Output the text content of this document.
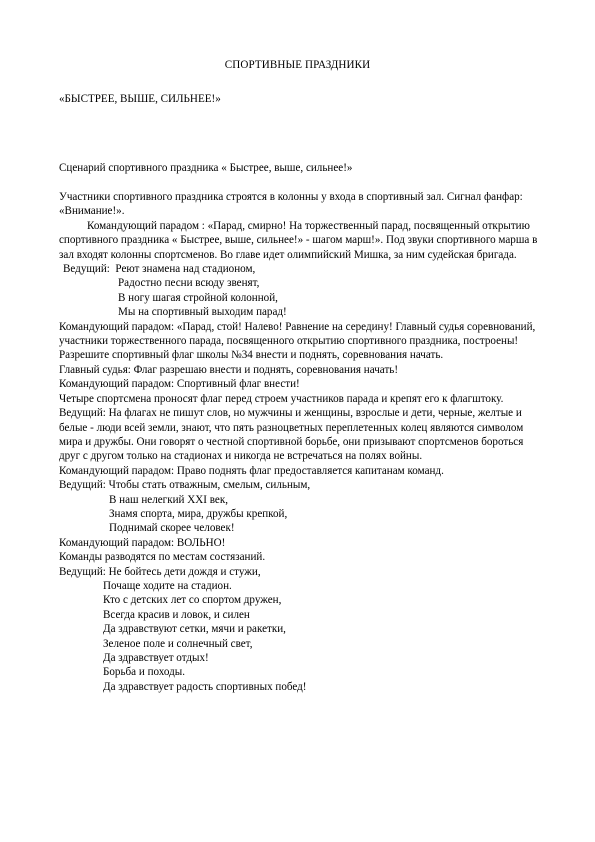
СПОРТИВНЫЕ ПРАЗДНИКИ
«БЫСТРЕЕ, ВЫШЕ, СИЛЬНЕЕ!»
Сценарий спортивного праздника « Быстрее, выше, сильнее!»

Участники спортивного праздника строятся в колонны у входа в спортивный зал. Сигнал фанфар: «Внимание!».

Командующий парадом : «Парад, смирно! На торжественный парад, посвященный открытию спортивного праздника « Быстрее, выше, сильнее!» - шагом марш!». Под звуки спортивного марша в зал входят колонны спортсменов. Во главе идет олимпийский Мишка, за ним судейская бригада.

Ведущий: Реют знамена над стадионом,

Радостно песни всюду звенят,

В ногу шагая стройной колонной,

Мы на спортивный выходим парад!

Командующий парадом: «Парад, стой! Налево! Равнение на середину! Главный судья соревнований, участники торжественного парада, посвященного открытию спортивного праздника, построены! Разрешите спортивный флаг школы №34 внести и поднять, соревнования начать.

Главный судья: Флаг разрешаю внести и поднять, соревнования начать!

Командующий парадом: Спортивный флаг внести!

Четыре спортсмена проносят флаг перед строем участников парада и крепят его к флагштоку.

Ведущий: На флагах не пишут слов, но мужчины и женщины, взрослые и дети, черные, желтые и белые - люди всей земли, знают, что пять разноцветных переплетенных колец являются символом мира и дружбы. Они говорят о честной спортивной борьбе, они призывают спортсменов бороться друг с другом только на стадионах и никогда не встречаться на полях войны.

Командующий парадом: Право поднять флаг предоставляется капитанам команд.

Ведущий: Чтобы стать отважным, смелым, сильным,

В наш нелегкий XXI век,

Знамя спорта, мира, дружбы крепкой,

Поднимай скорее человек!

Командующий парадом: ВОЛЬНО!

Команды разводятся по местам состязаний.

Ведущий: Не бойтесь дети дождя и стужи,

Почаще ходите на стадион.

Кто с детских лет со спортом дружен,

Всегда красив и ловок, и силен

Да здравствуют сетки, мячи и ракетки,

Зеленое поле и солнечный свет,

Да здравствует отдых!

Борьба и походы.

Да здравствует радость спортивных побед!
